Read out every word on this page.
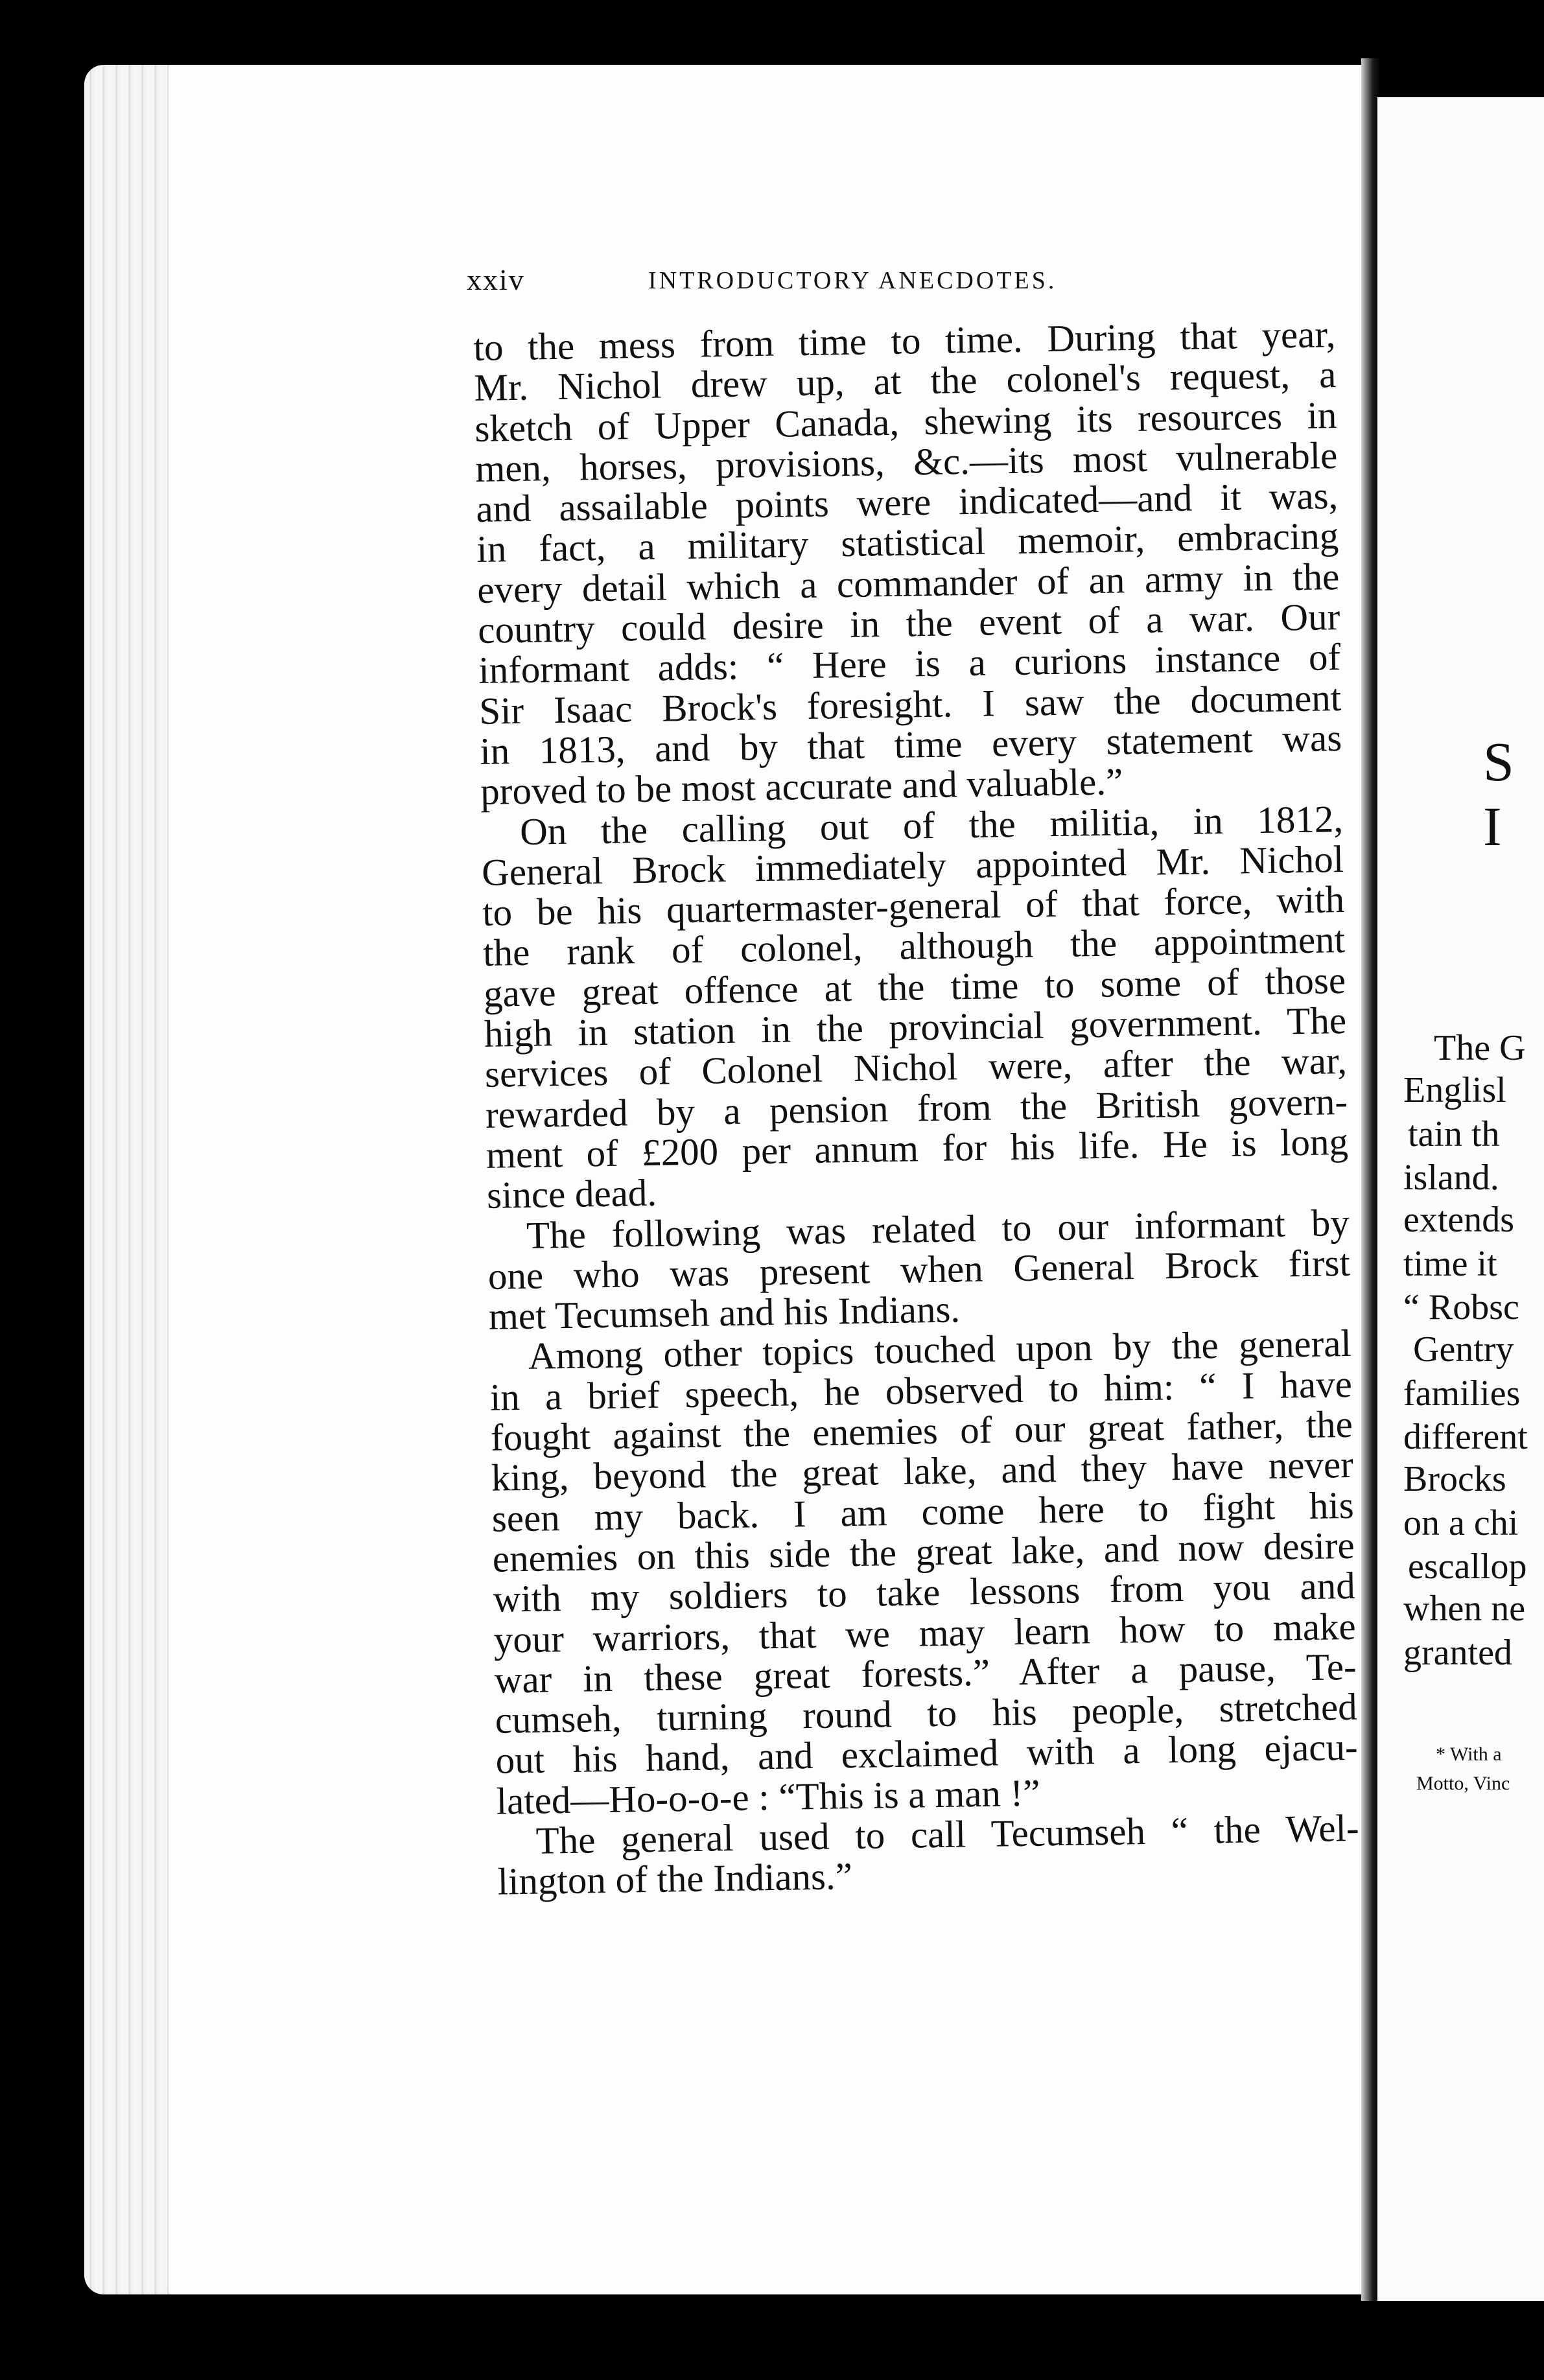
xxiv	INTRODUCTORY ANECDOTES.
to the mess from time to time. During that year,
Mr. Nichol drew up, at the colonel's request, a
sketch of Upper Canada, shewing its resources in
men, horses, provisions, &c.—its most vulnerable
and assailable points were indicated—and it was,
in fact, a military statistical memoir, embracing
every detail which a commander of an army in the
country could desire in the event of a war. Our
informant adds: “ Here is a curions instance of
Sir Isaac Brock's foresight. I saw the document
in 1813, and by that time every statement was
proved to be most accurate and valuable.”
On the calling out of the militia, in 1812,
General Brock immediately appointed Mr. Nichol
to be his quartermaster-general of that force, with
the rank of colonel, although the appointment
gave great offence at the time to some of those
high in station in the provincial government. The
services of Colonel Nichol were, after the war,
rewarded by a pension from the British govern-
ment of £200 per annum for his life. He is long
since dead.
The following was related to our informant by
one who was present when General Brock first
met Tecumseh and his Indians.
Among other topics touched upon by the general
in a brief speech, he observed to him: “ I have
fought against the enemies of our great father, the
king, beyond the great lake, and they have never
seen my back. I am come here to fight his
enemies on this side the great lake, and now desire
with my soldiers to take lessons from you and
your warriors, that we may learn how to make
war in these great forests.” After a pause, Te-
cumseh, turning round to his people, stretched
out his hand, and exclaimed with a long ejacu-
lated—Ho-o-o-e : “This is a man !”
The general used to call Tecumseh “ the Wel-
lington of the Indians.”
The G
Englisl
tain th
island.
extends
time it
“ Robsc
Gentry
families
different
Brocks
on a chi
escallop
when ne
granted
S I
* With a
Motto, Vinc
